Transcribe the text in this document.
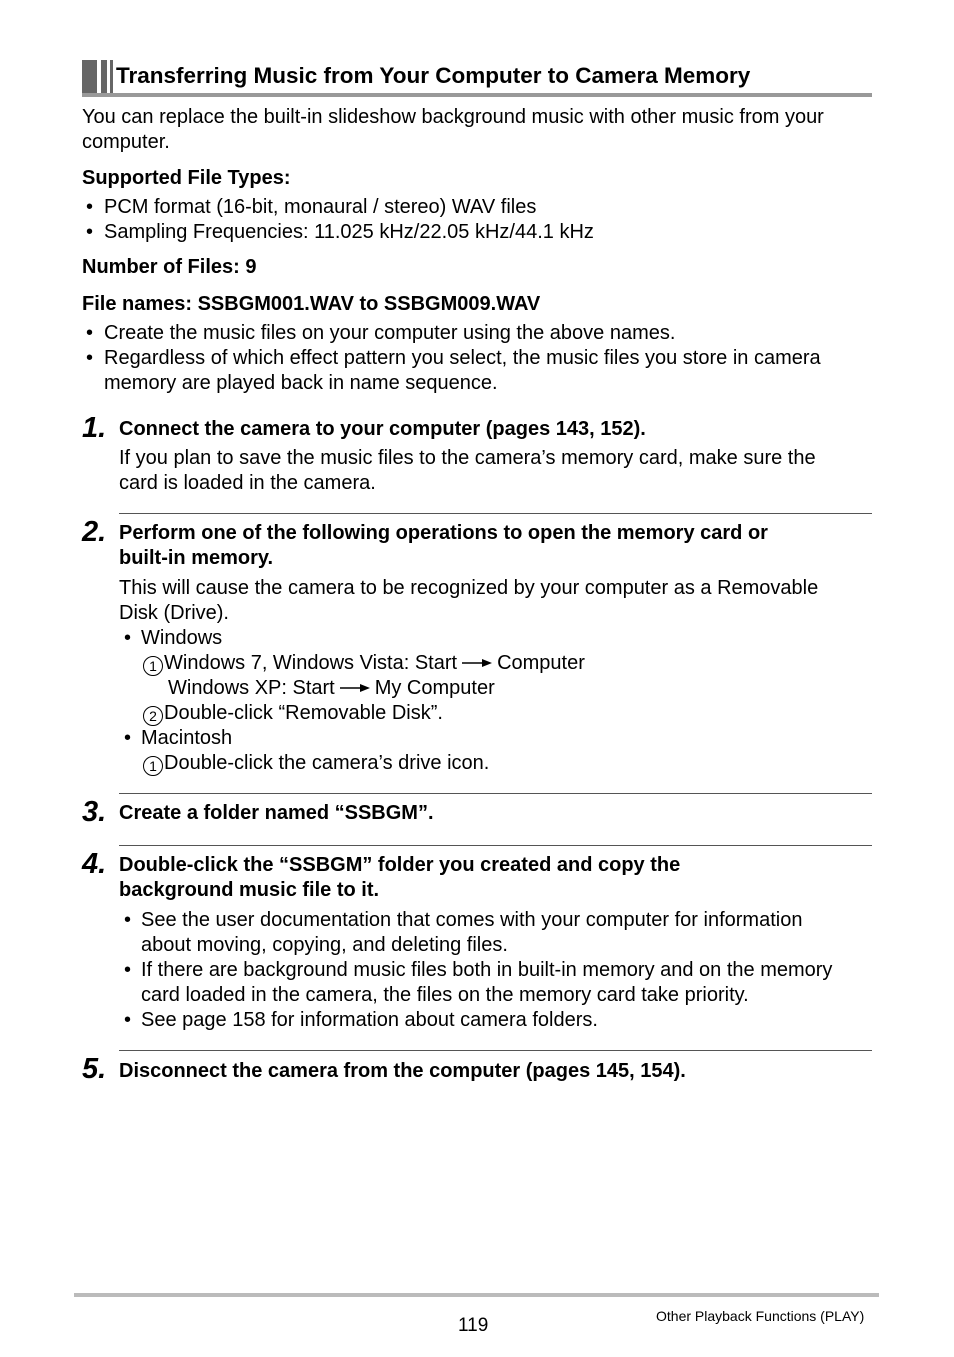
Transferring Music from Your Computer to Camera Memory
You can replace the built-in slideshow background music with other music from your
computer.
Supported File Types:
• PCM format (16-bit, monaural / stereo) WAV files
• Sampling Frequencies: 11.025 kHz/22.05 kHz/44.1 kHz
Number of Files: 9
File names: SSBGM001.WAV to SSBGM009.WAV
• Create the music files on your computer using the above names.
• Regardless of which effect pattern you select, the music files you store in camera
memory are played back in name sequence.
1. Connect the camera to your computer (pages 143, 152).
If you plan to save the music files to the camera’s memory card, make sure the
card is loaded in the camera.
2. Perform one of the following operations to open the memory card or
built-in memory.
This will cause the camera to be recognized by your computer as a Removable
Disk (Drive).
• Windows
1 Windows 7, Windows Vista: Start Computer
Windows XP: Start My Computer
2 Double-click “Removable Disk”.
• Macintosh
1 Double-click the camera’s drive icon.
3. Create a folder named “SSBGM”.
4. Double-click the “SSBGM” folder you created and copy the
background music file to it.
• See the user documentation that comes with your computer for information
about moving, copying, and deleting files.
• If there are background music files both in built-in memory and on the memory
card loaded in the camera, the files on the memory card take priority.
• See page 158 for information about camera folders.
5. Disconnect the camera from the computer (pages 145, 154).
119	Other Playback Functions (PLAY)
